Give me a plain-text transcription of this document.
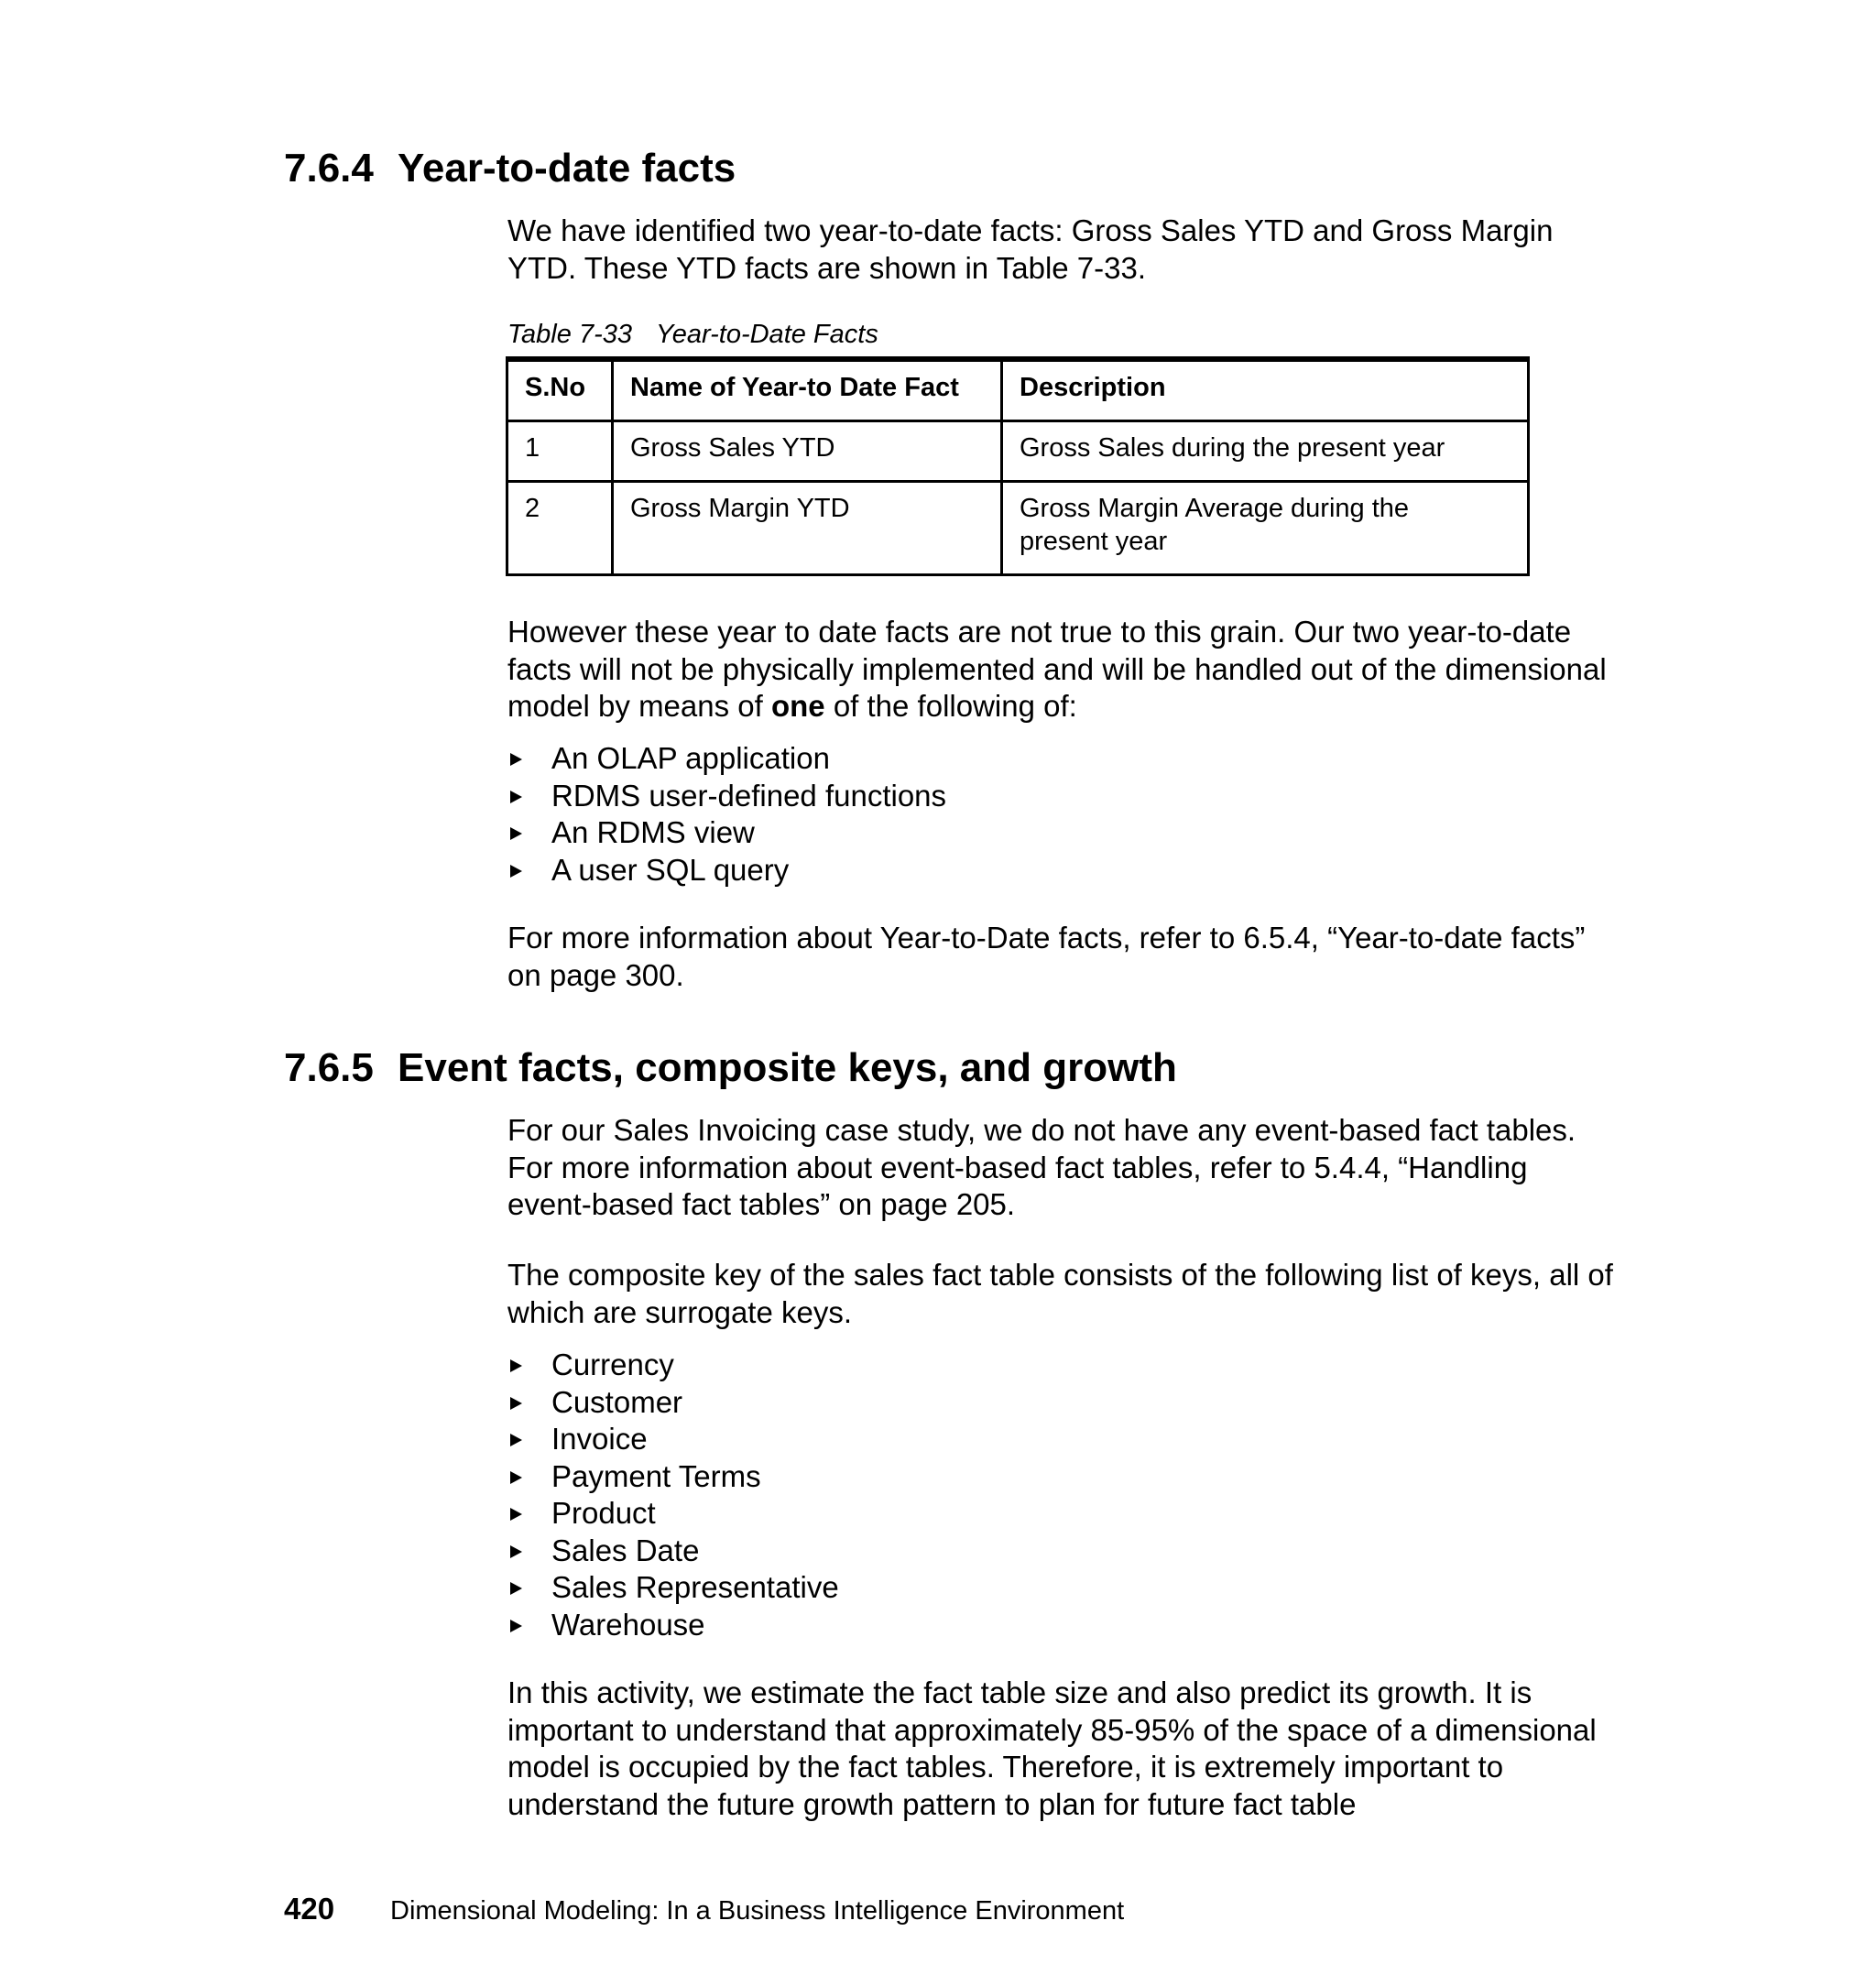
7.6.4 Year-to-date facts

We have identified two year-to-date facts: Gross Sales YTD and Gross Margin YTD. These YTD facts are shown in Table 7-33.

Table 7-33 Year-to-Date Facts

S.No	Name of Year-to Date Fact	Description
1	Gross Sales YTD	Gross Sales during the present year
2	Gross Margin YTD	Gross Margin Average during the present year

However these year to date facts are not true to this grain. Our two year-to-date facts will not be physically implemented and will be handled out of the dimensional model by means of one of the following of:

An OLAP application
RDMS user-defined functions
An RDMS view
A user SQL query

For more information about Year-to-Date facts, refer to 6.5.4, “Year-to-date facts” on page 300.

7.6.5 Event facts, composite keys, and growth

For our Sales Invoicing case study, we do not have any event-based fact tables. For more information about event-based fact tables, refer to 5.4.4, “Handling event-based fact tables” on page 205.

The composite key of the sales fact table consists of the following list of keys, all of which are surrogate keys.

Currency
Customer
Invoice
Payment Terms
Product
Sales Date
Sales Representative
Warehouse

In this activity, we estimate the fact table size and also predict its growth. It is important to understand that approximately 85-95% of the space of a dimensional model is occupied by the fact tables. Therefore, it is extremely important to understand the future growth pattern to plan for future fact table

420 Dimensional Modeling: In a Business Intelligence Environment
